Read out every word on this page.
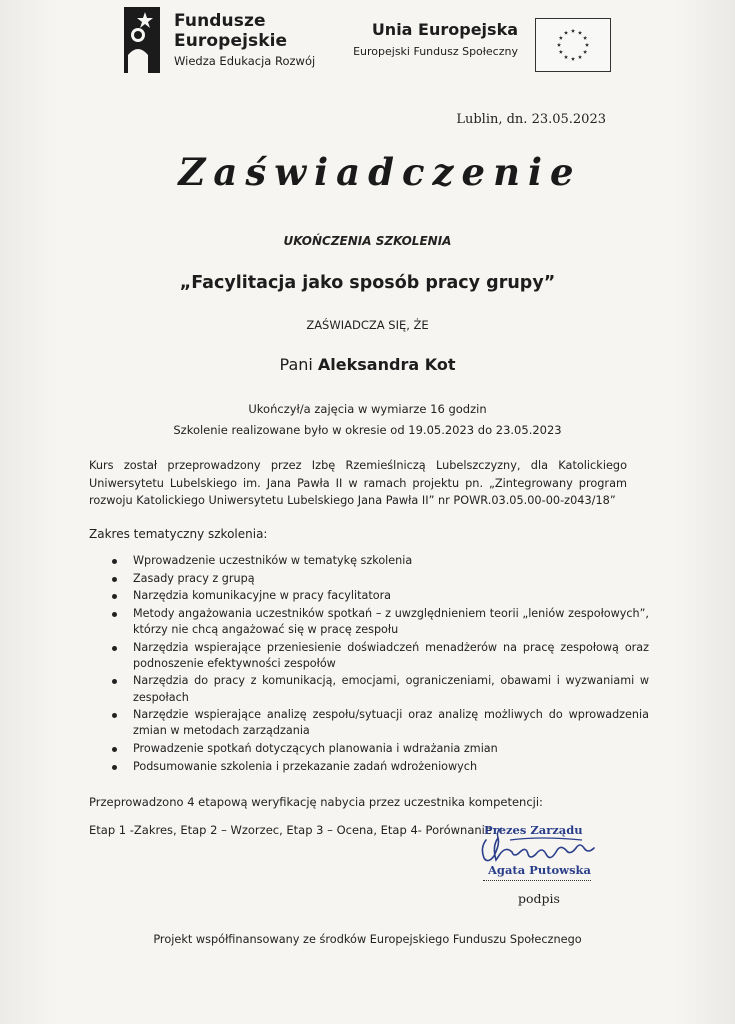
Fundusze
Europejskie
Wiedza Edukacja Rozwój
Unia Europejska
Europejski Fundusz Społeczny
Lublin, dn. 23.05.2023
Zaświadczenie
UKOŃCZENIA SZKOLENIA
„Facylitacja jako sposób pracy grupy”
ZAŚWIADCZA SIĘ, ŻE
Pani Aleksandra Kot
Ukończył/a zajęcia w wymiarze 16 godzin
Szkolenie realizowane było w okresie od 19.05.2023 do 23.05.2023
Kurs został przeprowadzony przez Izbę Rzemieślniczą Lubelszczyzny, dla Katolickiego Uniwersytetu Lubelskiego im. Jana Pawła II w ramach projektu pn. „Zintegrowany program rozwoju Katolickiego Uniwersytetu Lubelskiego Jana Pawła II” nr POWR.03.05.00-00-z043/18”
Zakres tematyczny szkolenia:
Wprowadzenie uczestników w tematykę szkolenia
Zasady pracy z grupą
Narzędzia komunikacyjne w pracy facylitatora
Metody angażowania uczestników spotkań – z uwzględnieniem teorii „leniów zespołowych”, którzy nie chcą angażować się w pracę zespołu
Narzędzia wspierające przeniesienie doświadczeń menadżerów na pracę zespołową oraz podnoszenie efektywności zespołów
Narzędzia do pracy z komunikacją, emocjami, ograniczeniami, obawami i wyzwaniami w zespołach
Narzędzie wspierające analizę zespołu/sytuacji oraz analizę możliwych do wprowadzenia zmian w metodach zarządzania
Prowadzenie spotkań dotyczących planowania i wdrażania zmian
Podsumowanie szkolenia i przekazanie zadań wdrożeniowych
Przeprowadzono 4 etapową weryfikację nabycia przez uczestnika kompetencji:
Etap 1 -Zakres, Etap 2 – Wzorzec, Etap 3 – Ocena, Etap 4- Porównanie
Prezes Zarządu
Agata Putowska
podpis
Projekt współfinansowany ze środków Europejskiego Funduszu Społecznego
